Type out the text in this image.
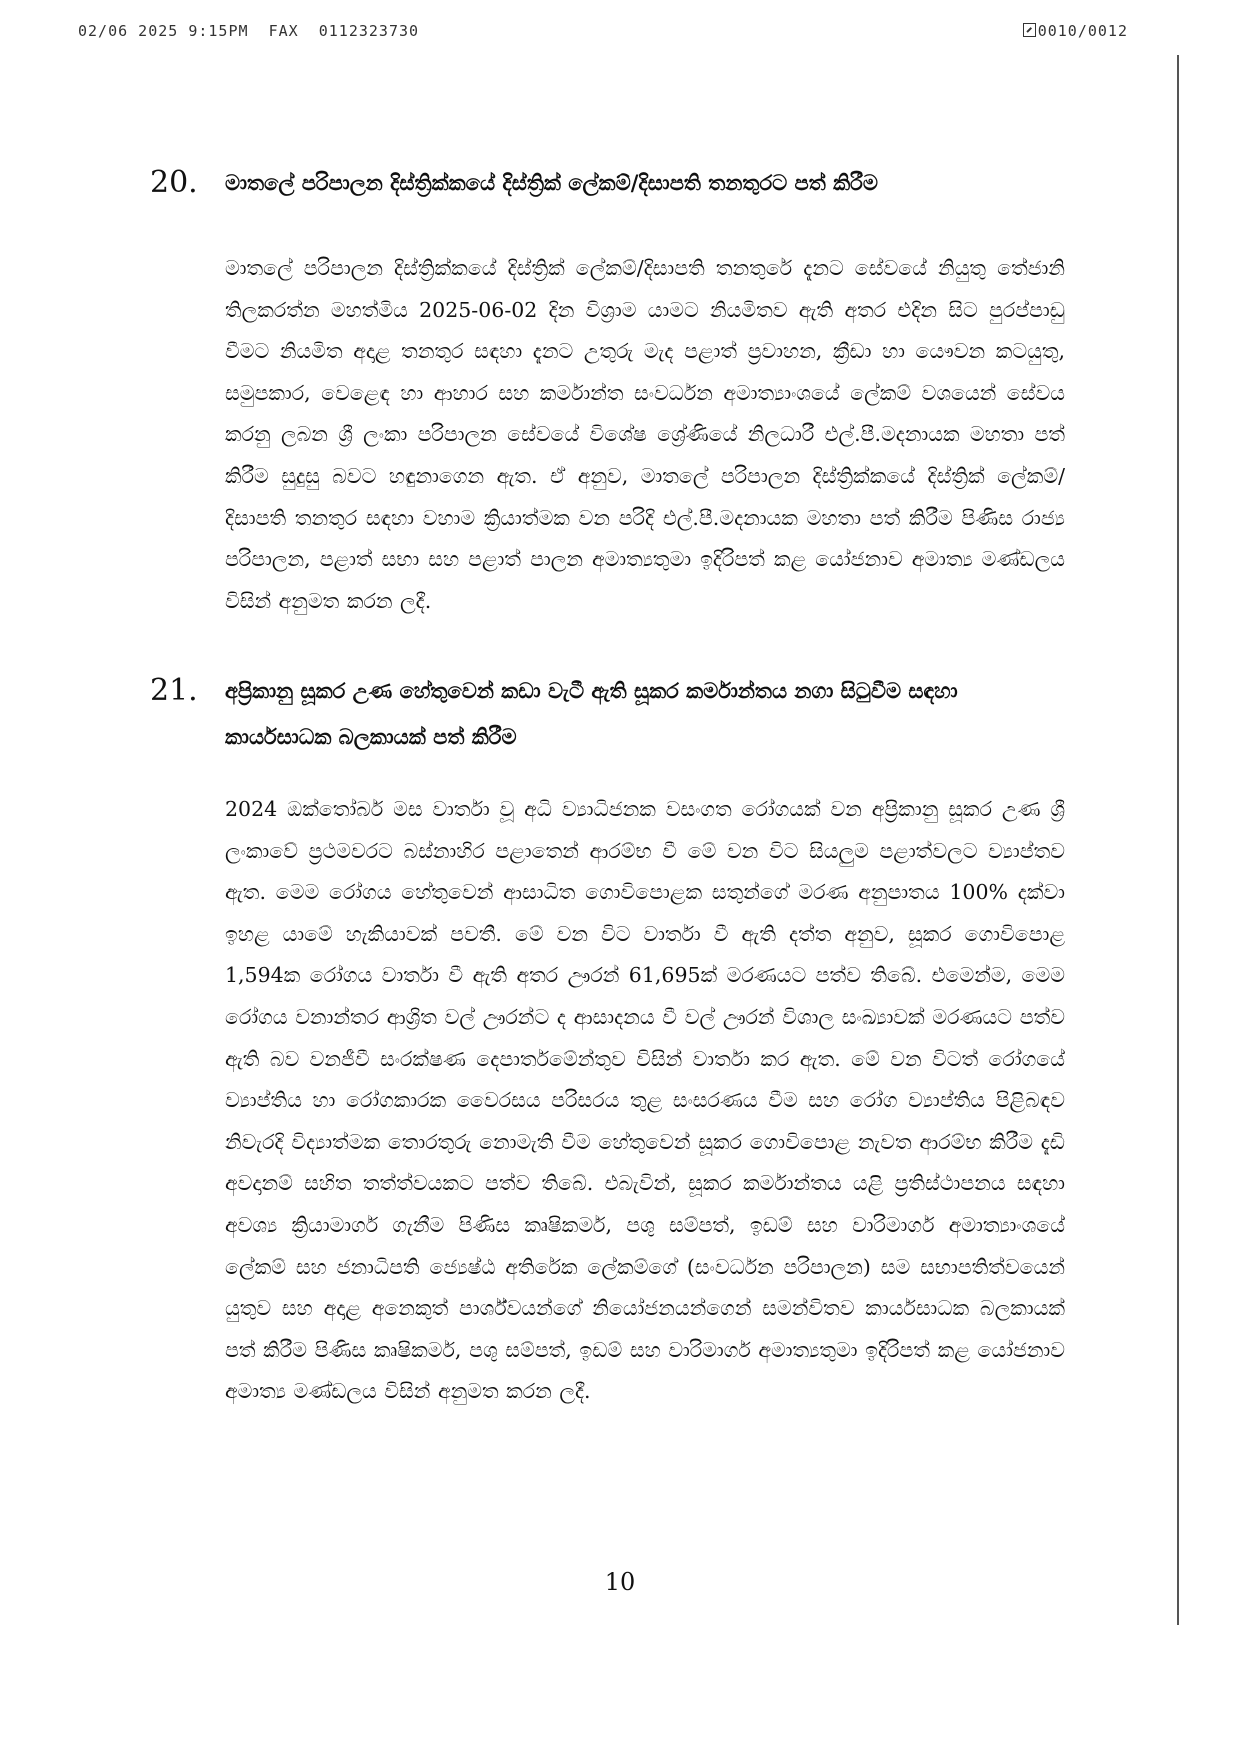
02/06 2025 9:15PM  FAX  0112323730	0010/0012
20. මාතලේ පරිපාලන දිස්ත්‍රික්කයේ දිස්ත්‍රික් ලේකම්/දිසාපති තනතුරට පත් කිරීම
මාතලේ පරිපාලන දිස්ත්‍රික්කයේ දිස්ත්‍රික් ලේකම්/දිසාපති තනතුරේ දැනට සේවයේ නියුතු තේජානි තිලකරත්න මහත්මිය 2025-06-02 දින විශ්‍රාම යාමට නියමිතව ඇති අතර එදින සිට පුරප්පාඩු වීමට නියමිත අදාළ තනතුර සඳහා දැනට උතුරු මැද පළාත් ප්‍රවාහන, ක්‍රීඩා හා යෞවන කටයුතු, සමුපකාර, වෙළෙඳ හා ආහාර සහ කර්මාන්ත සංවර්ධන අමාත්‍යාංශයේ ලේකම් වශයෙන් සේවය කරනු ලබන ශ්‍රී ලංකා පරිපාලන සේවයේ විශේෂ ශ්‍රේණියේ නිලධාරී එල්.පී.මදනායක මහතා පත් කිරීම සුදුසු බවට හඳුනාගෙන ඇත. ඒ අනුව, මාතලේ පරිපාලන දිස්ත්‍රික්කයේ දිස්ත්‍රික් ලේකම්/දිසාපති තනතුර සඳහා වහාම ක්‍රියාත්මක වන පරිදි එල්.පී.මදනායක මහතා පත් කිරීම පිණිස රාජ්‍ය පරිපාලන, පළාත් සභා සහ පළාත් පාලන අමාත්‍යතුමා ඉදිරිපත් කළ යෝජනාව අමාත්‍ය මණ්ඩලය විසින් අනුමත කරන ලදී.
21. අප්‍රිකානු සූකර උණ හේතුවෙන් කඩා වැටී ඇති සූකර කර්මාන්තය නගා සිටුවීම සඳහා කාර්යසාධක බලකායක් පත් කිරීම
2024 ඔක්තෝබර් මස වාර්තා වූ අධි ව්‍යාධිජනක වසංගත රෝගයක් වන අප්‍රිකානු සූකර උණ ශ්‍රී ලංකාවේ ප්‍රථමවරට බස්නාහිර පළාතෙන් ආරම්භ වී මේ වන විට සියලුම පළාත්වලට ව්‍යාප්තව ඇත. මෙම රෝගය හේතුවෙන් ආසාධිත ගොවිපොළක සතුන්ගේ මරණ අනුපාතය 100% දක්වා ඉහළ යාමේ හැකියාවක් පවතී. මේ වන විට වාර්තා වී ඇති දත්ත අනුව, සූකර ගොවිපොළ 1,594ක රෝගය වාර්තා වී ඇති අතර ඌරන් 61,695ක් මරණයට පත්ව තිබේ. එමෙන්ම, මෙම රෝගය වනාන්තර ආශ්‍රිත වල් ඌරන්ට ද ආසාදනය වී වල් ඌරන් විශාල සංඛ්‍යාවක් මරණයට පත්ව ඇති බව වනජීවී සංරක්ෂණ දෙපාර්තමේන්තුව විසින් වාර්තා කර ඇත. මේ වන විටත් රෝගයේ ව්‍යාප්තිය හා රෝගකාරක වෛරසය පරිසරය තුළ සංසරණය වීම සහ රෝග ව්‍යාප්තිය පිළිබඳව නිවැරදි විද්‍යාත්මක තොරතුරු නොමැති වීම හේතුවෙන් සූකර ගොවිපොළ නැවත ආරම්භ කිරීම දැඩි අවදානම් සහිත තත්ත්වයකට පත්ව තිබේ. එබැවින්, සූකර කර්මාන්තය යළි ප්‍රතිස්ථාපනය සඳහා අවශ්‍ය ක්‍රියාමාර්ග ගැනීම පිණිස කෘෂිකර්ම, පශු සම්පත්, ඉඩම් සහ වාරිමාර්ග අමාත්‍යාංශයේ ලේකම් සහ ජනාධිපති ජ්‍යෙෂ්ඨ අතිරේක ලේකම්ගේ (සංවර්ධන පරිපාලන) සම සභාපතිත්වයෙන් යුතුව සහ අදාළ අනෙකුත් පාර්ශ්වයන්ගේ නියෝජනයන්ගෙන් සමන්විතව කාර්යසාධක බලකායක් පත් කිරීම පිණිස කෘෂිකර්ම, පශු සම්පත්, ඉඩම් සහ වාරිමාර්ග අමාත්‍යතුමා ඉදිරිපත් කළ යෝජනාව අමාත්‍ය මණ්ඩලය විසින් අනුමත කරන ලදී.
10
